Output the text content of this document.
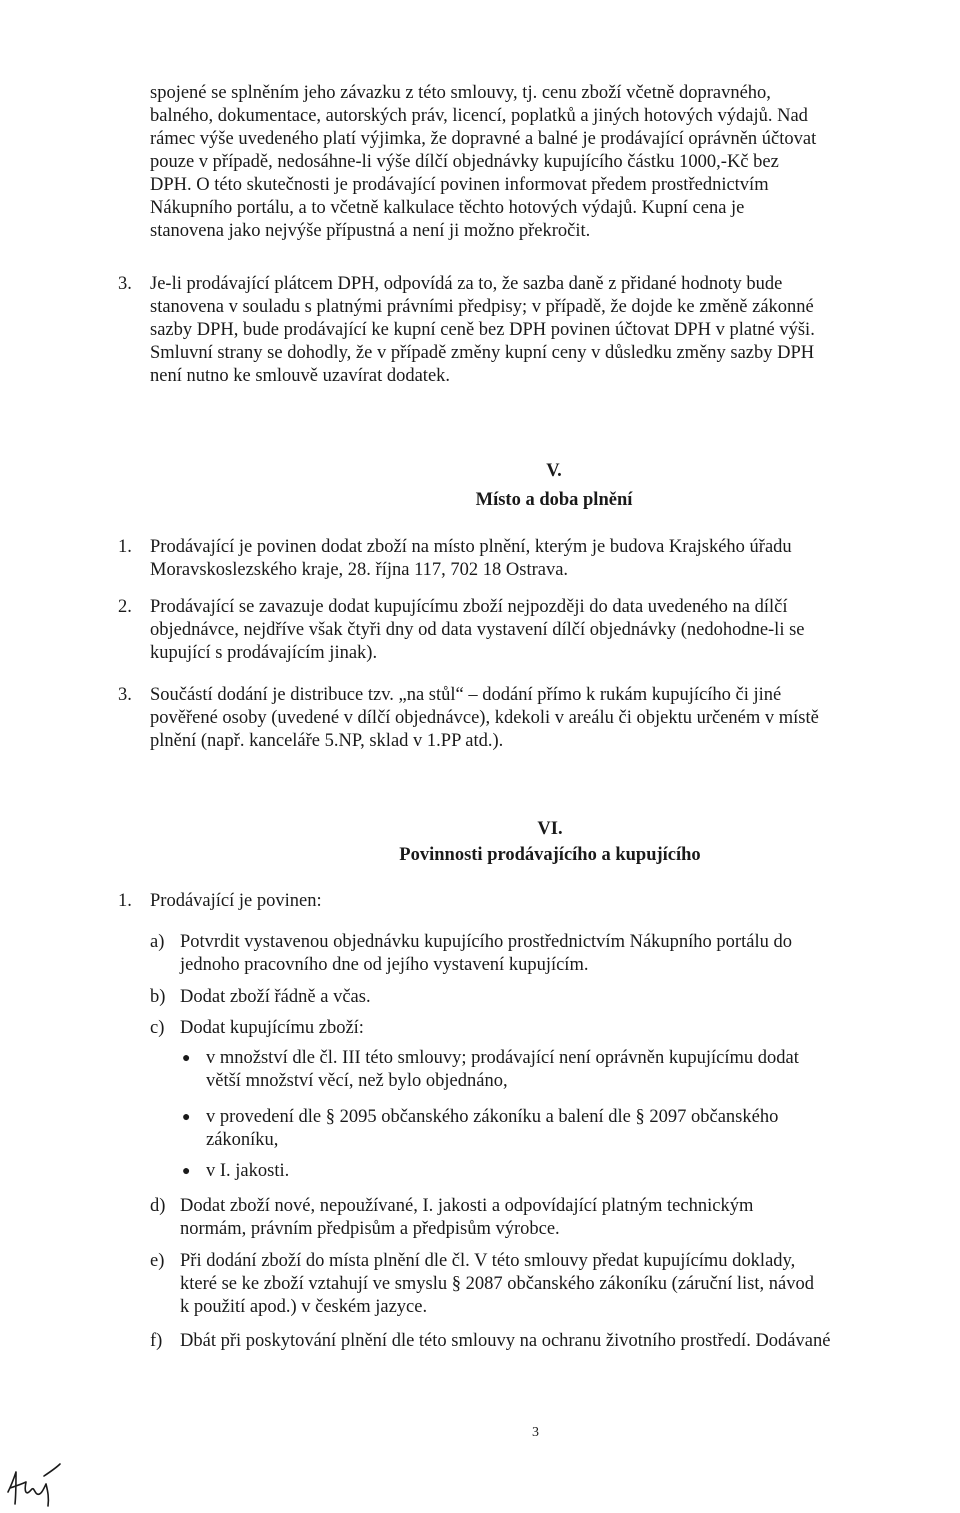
spojené se splněním jeho závazku z této smlouvy, tj. cenu zboží včetně dopravného,
balného, dokumentace, autorských práv, licencí, poplatků a jiných hotových výdajů. Nad
rámec výše uvedeného platí výjimka, že dopravné a balné je prodávající oprávněn účtovat
pouze v případě, nedosáhne-li výše dílčí objednávky kupujícího částku 1000,-Kč bez
DPH. O této skutečnosti je prodávající povinen informovat předem prostřednictvím
Nákupního portálu, a to včetně kalkulace těchto hotových výdajů. Kupní cena je
stanovena jako nejvýše přípustná a není ji možno překročit.
3. Je-li prodávající plátcem DPH, odpovídá za to, že sazba daně z přidané hodnoty bude
stanovena v souladu s platnými právními předpisy; v případě, že dojde ke změně zákonné
sazby DPH, bude prodávající ke kupní ceně bez DPH povinen účtovat DPH v platné výši.
Smluvní strany se dohodly, že v případě změny kupní ceny v důsledku změny sazby DPH
není nutno ke smlouvě uzavírat dodatek.
V.
Místo a doba plnění
1. Prodávající je povinen dodat zboží na místo plnění, kterým je budova Krajského úřadu
Moravskoslezského kraje, 28. října 117, 702 18 Ostrava.
2. Prodávající se zavazuje dodat kupujícímu zboží nejpozději do data uvedeného na dílčí
objednávce, nejdříve však čtyři dny od data vystavení dílčí objednávky (nedohodne-li se
kupující s prodávajícím jinak).
3. Součástí dodání je distribuce tzv. „na stůl“ – dodání přímo k rukám kupujícího či jiné
pověřené osoby (uvedené v dílčí objednávce), kdekoli v areálu či objektu určeném v místě
plnění (např. kanceláře 5.NP, sklad v 1.PP atd.).
VI.
Povinnosti prodávajícího a kupujícího
1. Prodávající je povinen:
a) Potvrdit vystavenou objednávku kupujícího prostřednictvím Nákupního portálu do
jednoho pracovního dne od jejího vystavení kupujícím.
b) Dodat zboží řádně a včas.
c) Dodat kupujícímu zboží:
● v množství dle čl. III této smlouvy; prodávající není oprávněn kupujícímu dodat
větší množství věcí, než bylo objednáno,
● v provedení dle § 2095 občanského zákoníku a balení dle § 2097 občanského
zákoníku,
● v I. jakosti.
d) Dodat zboží nové, nepoužívané, I. jakosti a odpovídající platným technickým
normám, právním předpisům a předpisům výrobce.
e) Při dodání zboží do místa plnění dle čl. V této smlouvy předat kupujícímu doklady,
které se ke zboží vztahují ve smyslu § 2087 občanského zákoníku (záruční list, návod
k použití apod.) v českém jazyce.
f) Dbát při poskytování plnění dle této smlouvy na ochranu životního prostředí. Dodávané
3
